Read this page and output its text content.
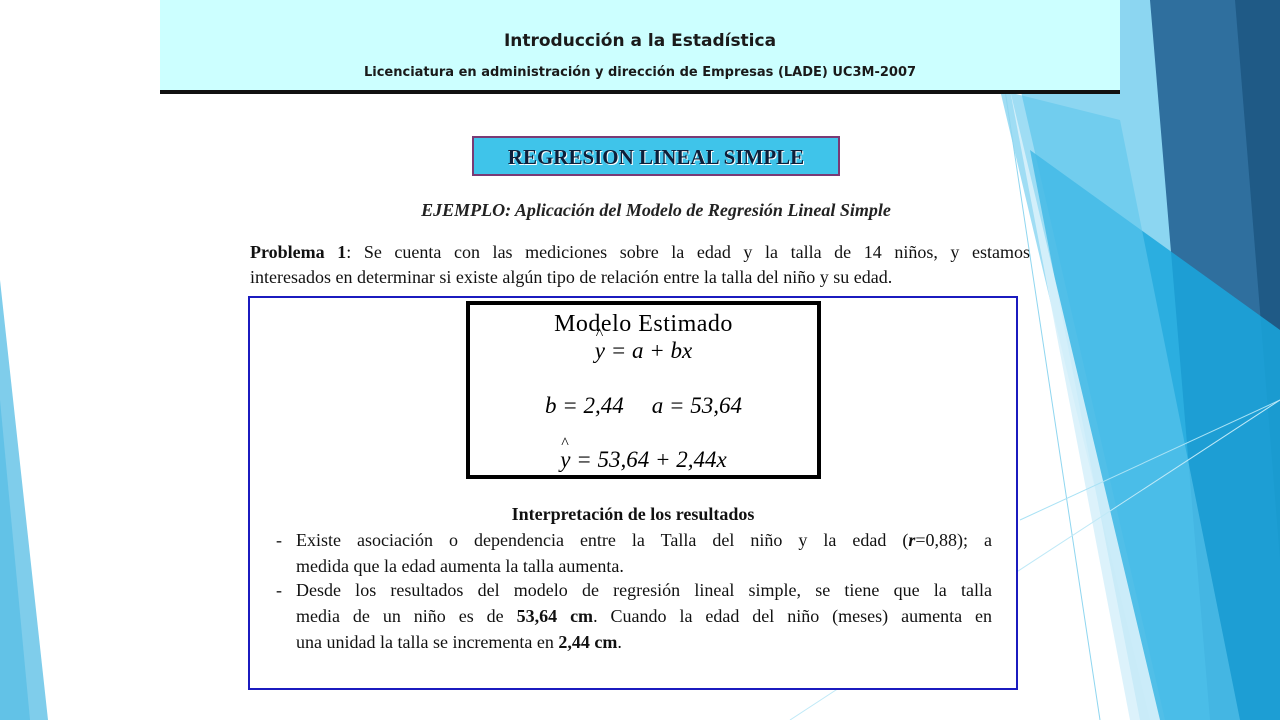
Introducción a la Estadística
Licenciatura en administración y dirección de Empresas (LADE) UC3M-2007
REGRESION LINEAL SIMPLE
EJEMPLO: Aplicación del Modelo de Regresión Lineal Simple
Problema 1: Se cuenta con las mediciones sobre la edad y la talla de 14 niños, y estamos
interesados en determinar si existe algún tipo de relación entre la talla del niño y su edad.
Modelo Estimado
^ y = a + bx
b = 2,44 a = 53,64
^ y = 53,64 + 2,44x
Interpretación de los resultados
- Existe asociación o dependencia entre la Talla del niño y la edad (r=0,88); a
medida que la edad aumenta la talla aumenta.
- Desde los resultados del modelo de regresión lineal simple, se tiene que la talla
media de un niño es de 53,64 cm. Cuando la edad del niño (meses) aumenta en
una unidad la talla se incrementa en 2,44 cm.
